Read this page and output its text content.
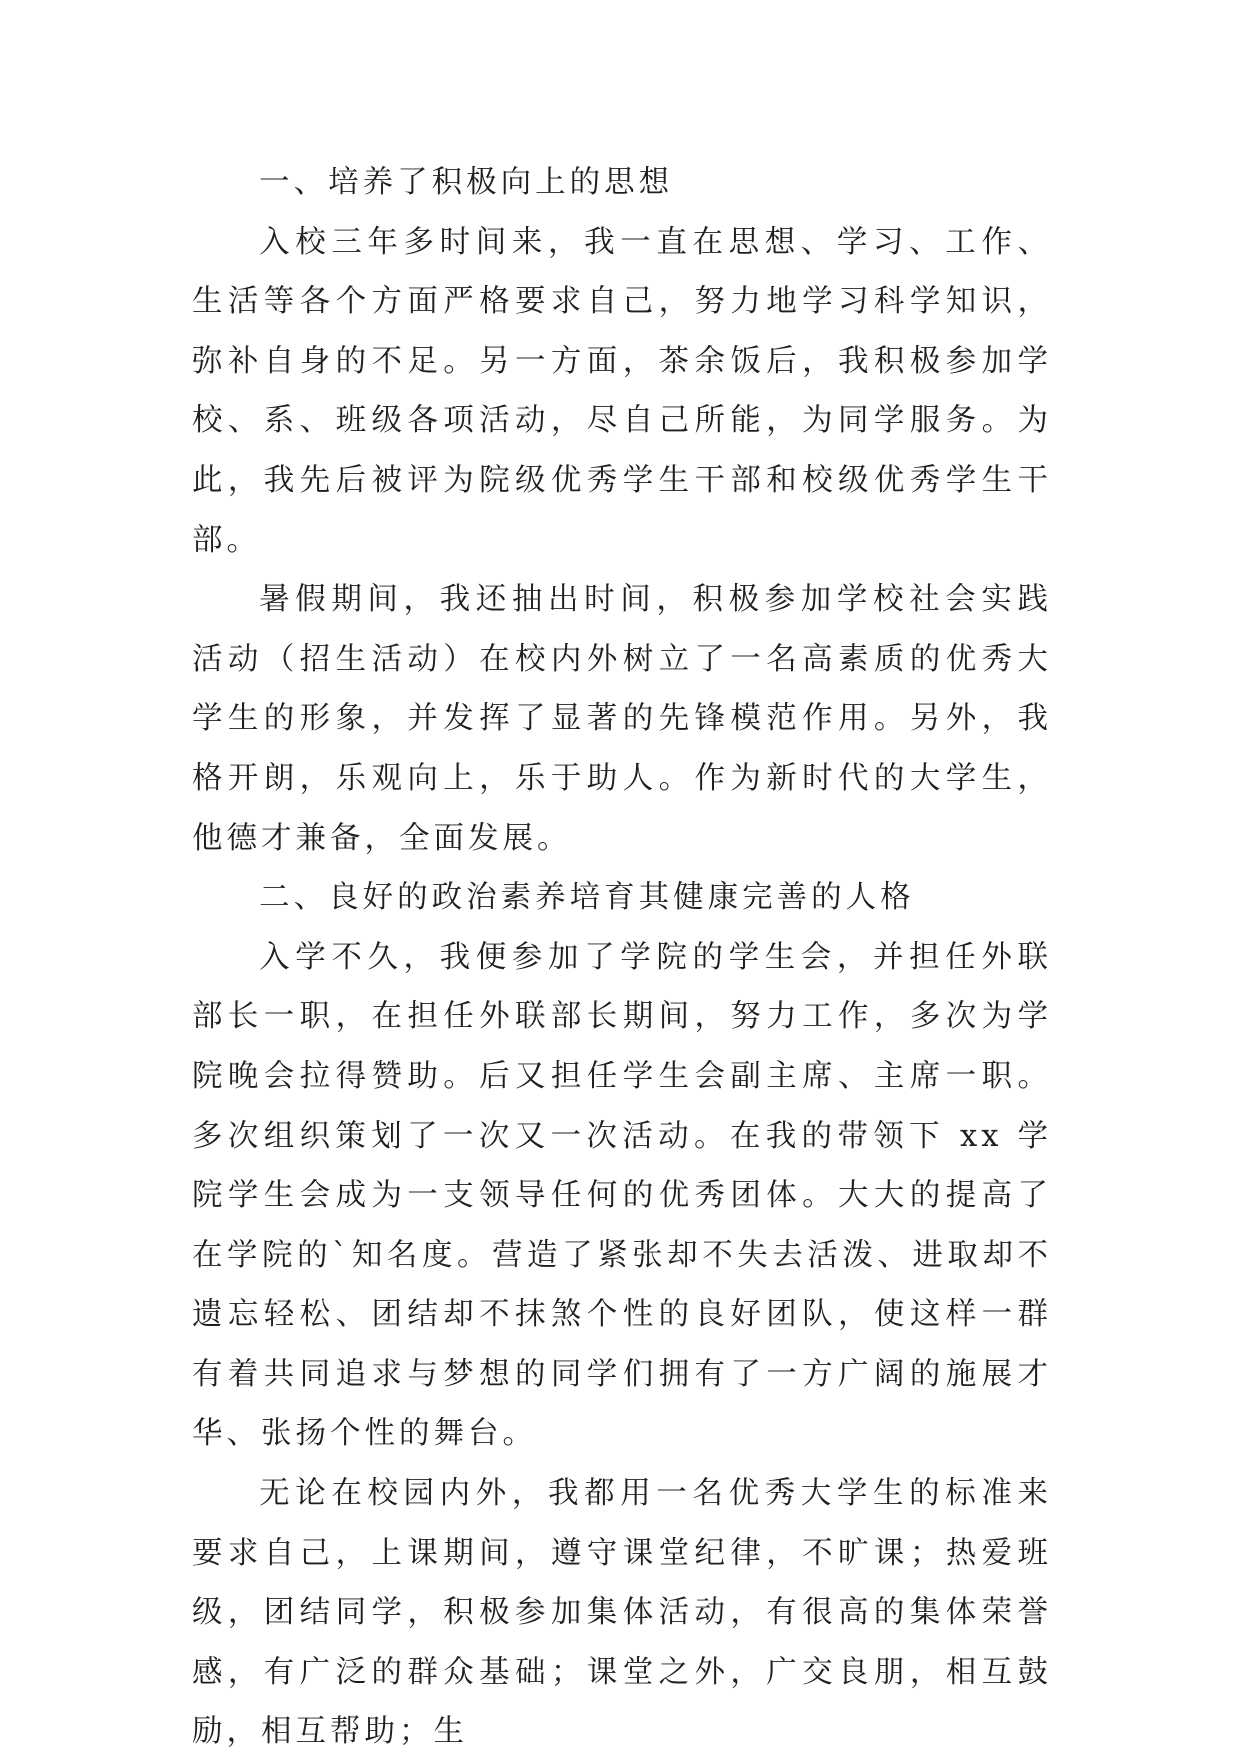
一、培养了积极向上的思想

入校三年多时间来，我一直在思想、学习、工作、生活等各个方面严格要求自己，努力地学习科学知识，弥补自身的不足。另一方面，茶余饭后，我积极参加学校、系、班级各项活动，尽自己所能，为同学服务。为此，我先后被评为院级优秀学生干部和校级优秀学生干部。

暑假期间，我还抽出时间，积极参加学校社会实践活动（招生活动）在校内外树立了一名高素质的优秀大学生的形象，并发挥了显著的先锋模范作用。另外，我格开朗，乐观向上，乐于助人。作为新时代的大学生，他德才兼备，全面发展。

二、良好的政治素养培育其健康完善的人格

入学不久，我便参加了学院的学生会，并担任外联部长一职，在担任外联部长期间，努力工作，多次为学院晚会拉得赞助。后又担任学生会副主席、主席一职。多次组织策划了一次又一次活动。在我的带领下 xx 学院学生会成为一支领导任何的优秀团体。大大的提高了在学院的`知名度。营造了紧张却不失去活泼、进取却不遗忘轻松、团结却不抹煞个性的良好团队，使这样一群有着共同追求与梦想的同学们拥有了一方广阔的施展才华、张扬个性的舞台。

无论在校园内外，我都用一名优秀大学生的标准来要求自己，上课期间，遵守课堂纪律，不旷课；热爱班级，团结同学，积极参加集体活动，有很高的集体荣誉感，有广泛的群众基础；课堂之外，广交良朋，相互鼓励，相互帮助；生
